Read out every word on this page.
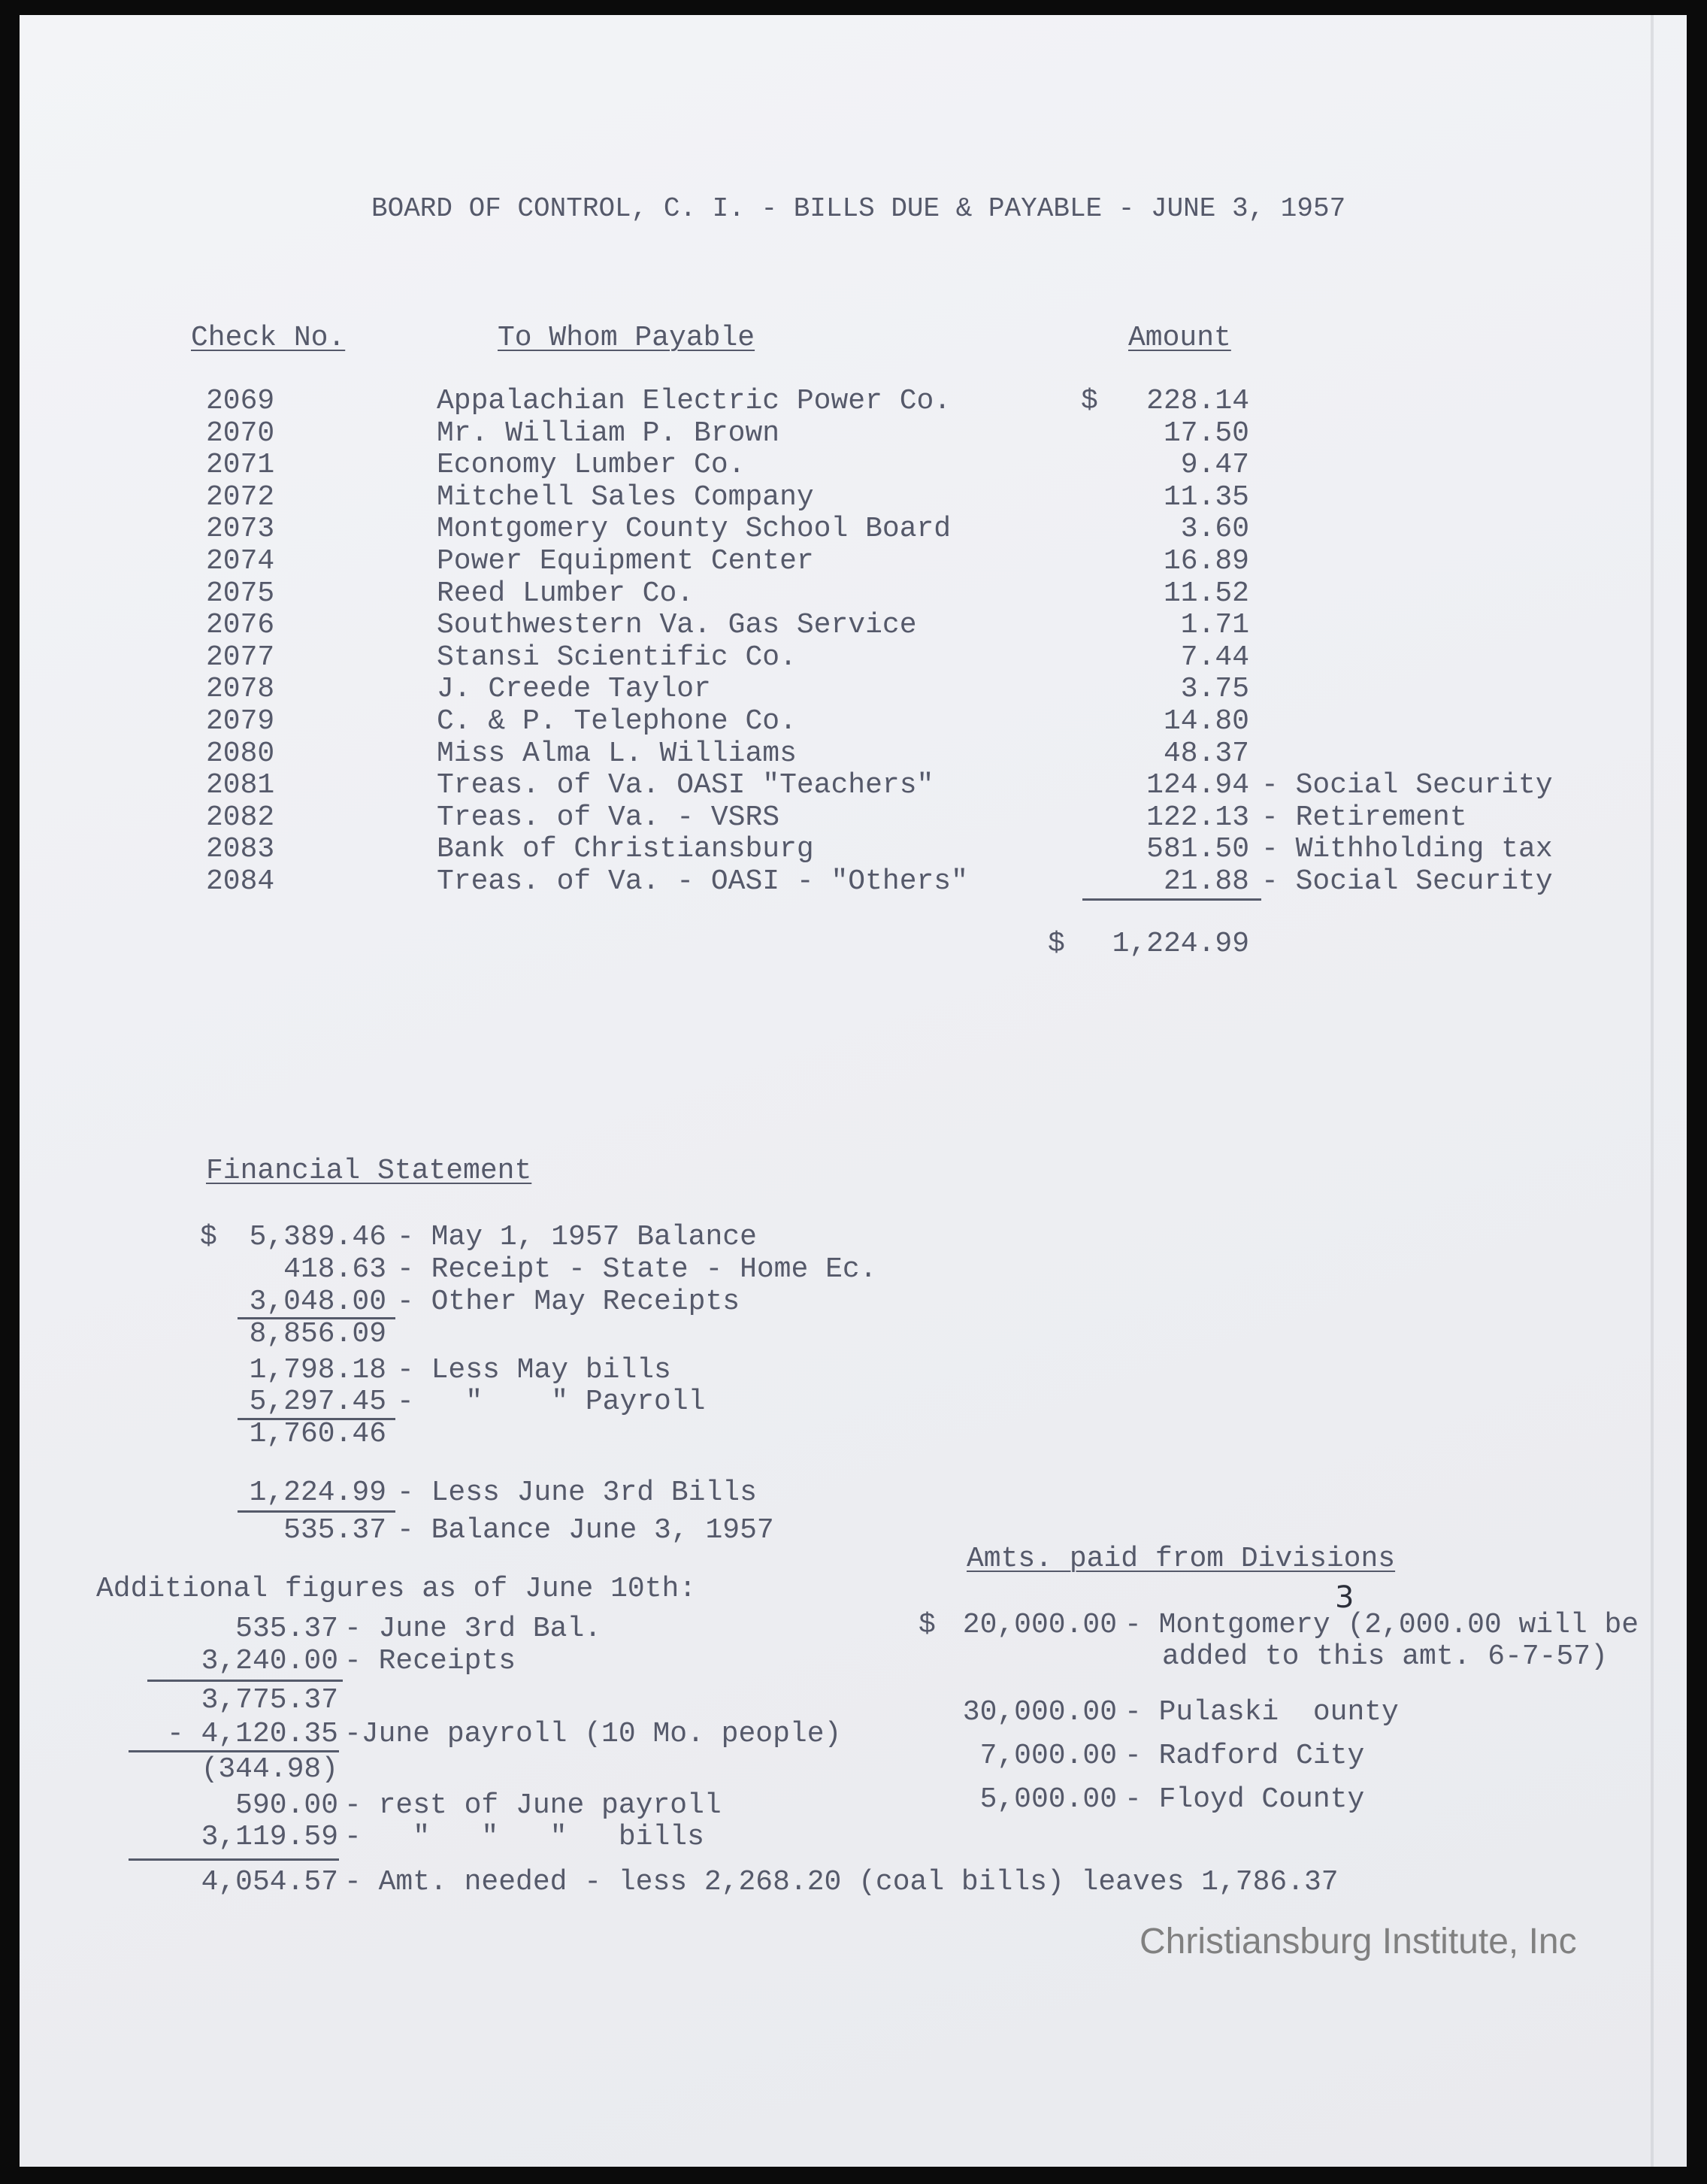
BOARD OF CONTROL, C. I. - BILLS DUE & PAYABLE - JUNE 3, 1957
Check No.	To Whom Payable	Amount
2069	Appalachian Electric Power Co.	$	228.14
2070	Mr. William P. Brown	17.50
2071	Economy Lumber Co.	9.47
2072	Mitchell Sales Company	11.35
2073	Montgomery County School Board	3.60
2074	Power Equipment Center	16.89
2075	Reed Lumber Co.	11.52
2076	Southwestern Va. Gas Service	1.71
2077	Stansi Scientific Co.	7.44
2078	J. Creede Taylor	3.75
2079	C. & P. Telephone Co.	14.80
2080	Miss Alma L. Williams	48.37
2081	Treas. of Va. OASI "Teachers"	124.94 - Social Security
2082	Treas. of Va. - VSRS	122.13 - Retirement
2083	Bank of Christiansburg	581.50 - Withholding tax
2084	Treas. of Va. - OASI - "Others"	21.88 - Social Security
$	1,224.99
Financial Statement
$	5,389.46 - May 1, 1957 Balance
418.63 - Receipt - State - Home Ec.
3,048.00 - Other May Receipts
8,856.09
1,798.18 - Less May bills
5,297.45 -   "    " Payroll
1,760.46
1,224.99 - Less June 3rd Bills
535.37 - Balance June 3, 1957
Additional figures as of June 10th:
535.37 - June 3rd Bal.
3,240.00 - Receipts
3,775.37
- 4,120.35 -June payroll (10 Mo. people)
(344.98)
590.00 - rest of June payroll
3,119.59 -   "   "   "   bills
4,054.57 - Amt. needed - less 2,268.20 (coal bills) leaves 1,786.37
Amts. paid from Divisions
3
$ 20,000.00 - Montgomery (2,000.00 will be
added to this amt. 6-7-57)
30,000.00 - Pulaski  ounty
7,000.00 - Radford City
5,000.00 - Floyd County
Christiansburg Institute, Inc
